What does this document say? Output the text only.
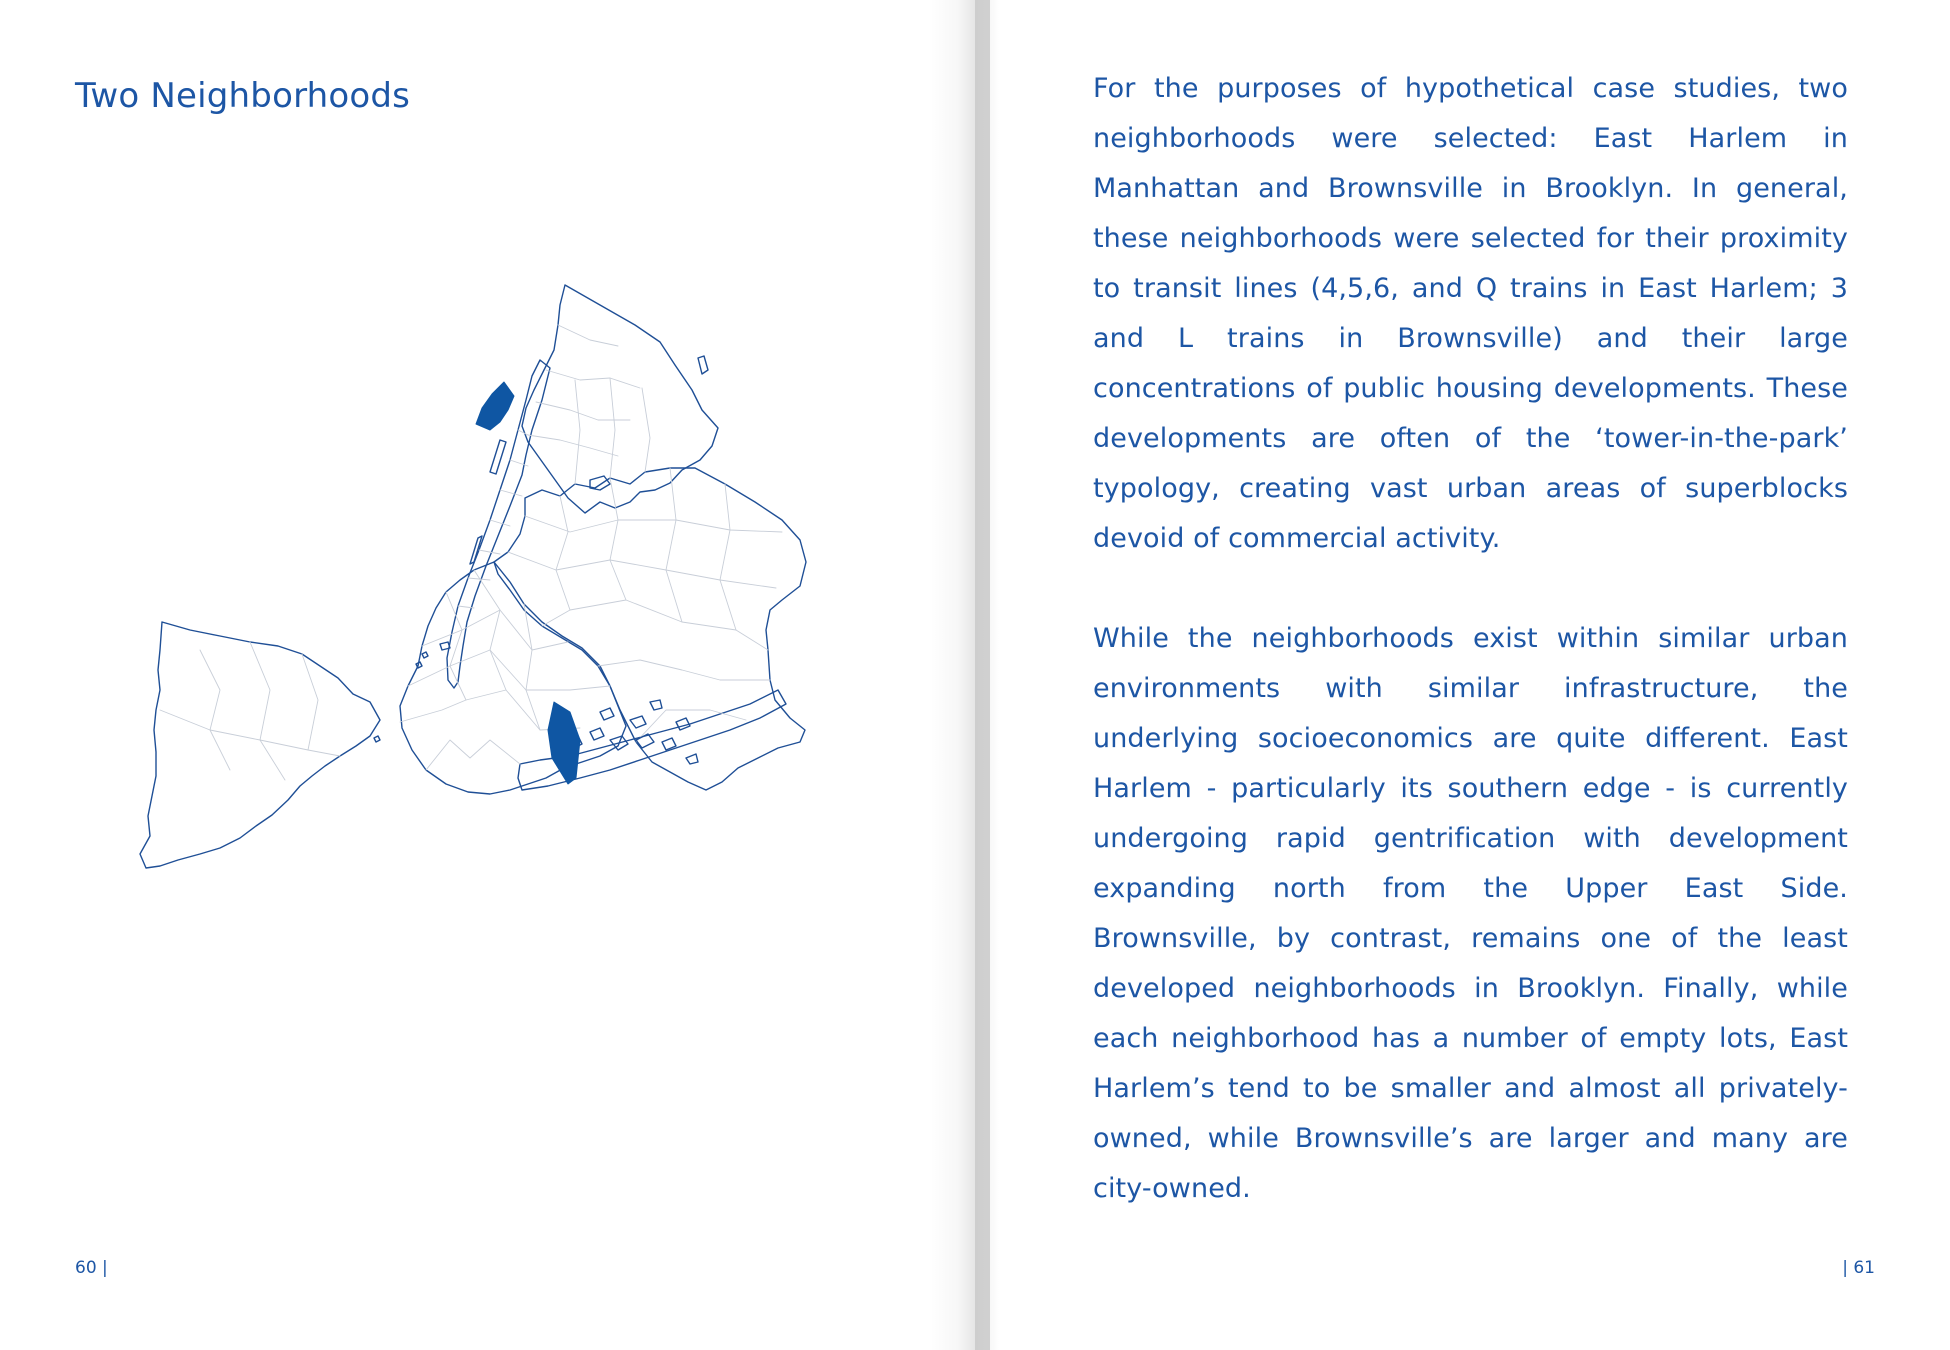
Two Neighborhoods
60 |

For the purposes of hypothetical case studies, two neighborhoods were selected: East Harlem in Manhattan and Brownsville in Brooklyn. In general, these neighborhoods were selected for their proximity to transit lines (4,5,6, and Q trains in East Harlem; 3 and L trains in Brownsville) and their large concentrations of public housing developments. These developments are often of the ‘tower-in-the-park’ typology, creating vast urban areas of superblocks devoid of commercial activity.

While the neighborhoods exist within similar urban environments with similar infrastructure, the underlying socioeconomics are quite different. East Harlem - particularly its southern edge - is currently undergoing rapid gentrification with development expanding north from the Upper East Side. Brownsville, by contrast, remains one of the least developed neighborhoods in Brooklyn. Finally, while each neighborhood has a number of empty lots, East Harlem’s tend to be smaller and almost all privately-owned, while Brownsville’s are larger and many are city-owned.

| 61
